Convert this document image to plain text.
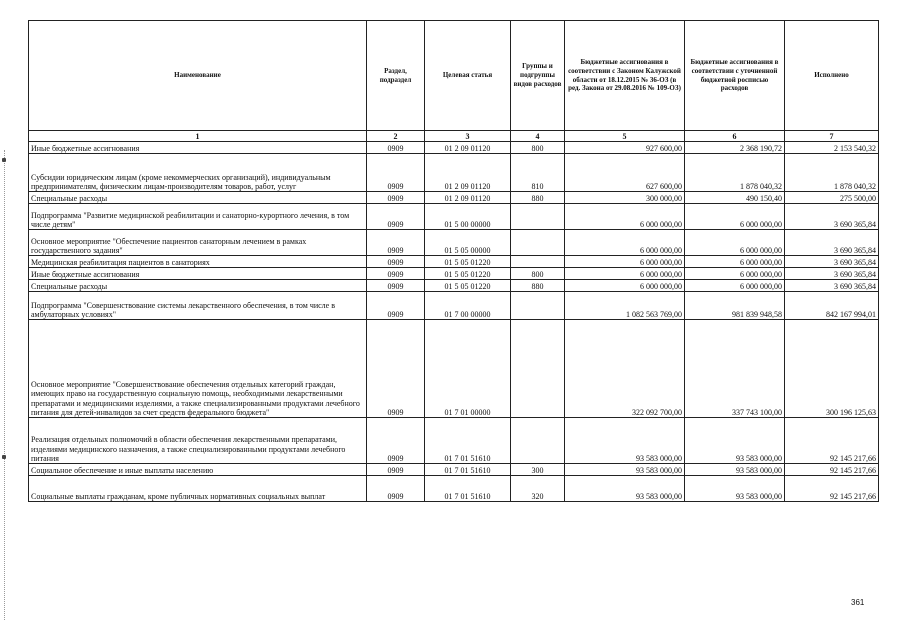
Наименование	Раздел, подраздел	Целевая статья	Группы и подгруппы видов расходов	Бюджетные ассигнования в соответствии с Законом Калужской области от 18.12.2015 № 36-ОЗ (в ред. Закона от 29.08.2016 № 109-ОЗ)	Бюджетные ассигнования в соответствии с уточненной бюджетной росписью расходов	Исполнено
1	2	3	4	5	6	7
Иные бюджетные ассигнования	0909	01 2 09 01120	800	927 600,00	2 368 190,72	2 153 540,32
Субсидии юридическим лицам (кроме некоммерческих организаций), индивидуальным предпринимателям, физическим лицам-производителям товаров, работ, услуг	0909	01 2 09 01120	810	627 600,00	1 878 040,32	1 878 040,32
Специальные расходы	0909	01 2 09 01120	880	300 000,00	490 150,40	275 500,00
Подпрограмма "Развитие медицинской реабилитации и санаторно-курортного лечения, в том числе детям"	0909	01 5 00 00000		6 000 000,00	6 000 000,00	3 690 365,84
Основное мероприятие "Обеспечение пациентов санаторным лечением в рамках государственного задания"	0909	01 5 05 00000		6 000 000,00	6 000 000,00	3 690 365,84
Медицинская реабилитация пациентов в санаториях	0909	01 5 05 01220		6 000 000,00	6 000 000,00	3 690 365,84
Иные бюджетные ассигнования	0909	01 5 05 01220	800	6 000 000,00	6 000 000,00	3 690 365,84
Специальные расходы	0909	01 5 05 01220	880	6 000 000,00	6 000 000,00	3 690 365,84
Подпрограмма "Совершенствование системы лекарственного обеспечения, в том числе в амбулаторных условиях"	0909	01 7 00 00000		1 082 563 769,00	981 839 948,58	842 167 994,01
Основное мероприятие "Совершенствование обеспечения отдельных категорий граждан, имеющих право на государственную социальную помощь, необходимыми лекарственными препаратами и медицинскими изделиями, а также специализированными продуктами лечебного питания для детей-инвалидов за счет средств федерального бюджета"	0909	01 7 01 00000		322 092 700,00	337 743 100,00	300 196 125,63
Реализация отдельных полномочий в области обеспечения лекарственными препаратами, изделиями медицинского назначения, а также специализированными продуктами лечебного питания	0909	01 7 01 51610		93 583 000,00	93 583 000,00	92 145 217,66
Социальное обеспечение и иные выплаты населению	0909	01 7 01 51610	300	93 583 000,00	93 583 000,00	92 145 217,66
Социальные выплаты гражданам, кроме публичных нормативных социальных выплат	0909	01 7 01 51610	320	93 583 000,00	93 583 000,00	92 145 217,66
361
